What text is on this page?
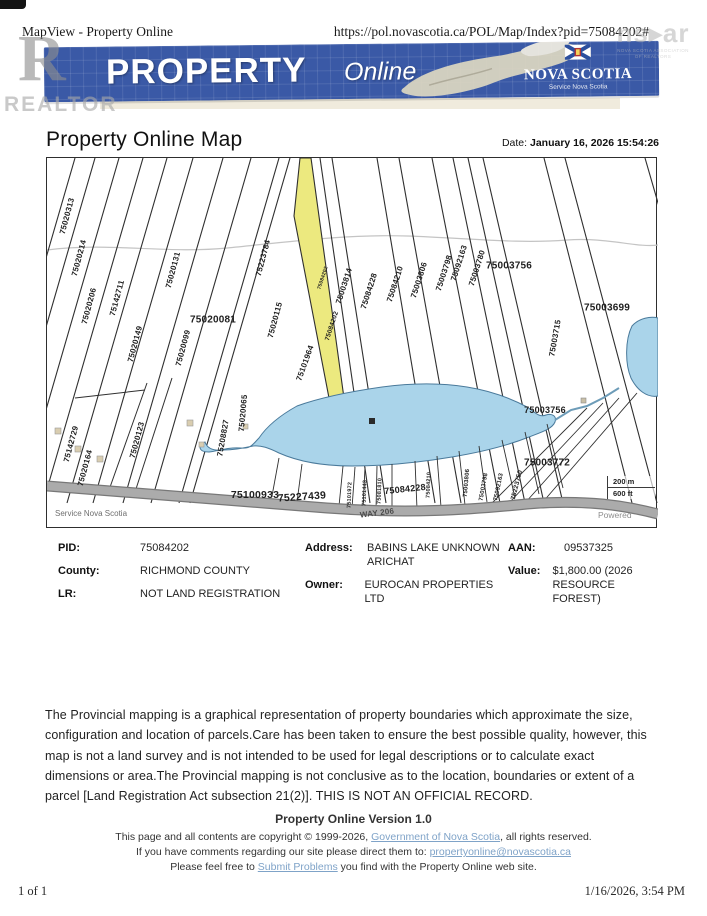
MapView - Property Online	https://pol.novascotia.ca/POL/Map/Index?pid=75084202#
R
REALTOR
ns▸ar
NOVA SCOTIA ASSOCIATION
OF REALTORS
PROPERTY Online	NOVA SCOTIA
Service Nova Scotia
Property Online Map	Date: January 16, 2026 15:54:26
75020313
75020214
75020206 75142711
75020149
75020131
75020099
75020081
75223784
75020115
75101964
75084202
75084202
75003814 75084228 75084210 75003806 75003798
75092163
75003780
75003756
75003715
75003699
75003756
75142729
75020164
75020123	75208827
75020065
75100933
75227439	75101972 75101443 75081810 75084228 75084210	75003806 75003798 75092163 75223750
75003772
WAY 206
200 m
600 ft
Service Nova Scotia	Powered
PID:	75084202
County:	RICHMOND COUNTY
LR:	NOT LAND REGISTRATION
Address:	BABINS LAKE UNKNOWN
ARICHAT
Owner:	EUROCAN PROPERTIES LTD
AAN:	09537325
Value:	$1,800.00 (2026 RESOURCE
FOREST)
The Provincial mapping is a graphical representation of property boundaries which approximate the size, configuration and location of parcels.Care has been taken to ensure the best possible quality, however, this map is not a land survey and is not intended to be used for legal descriptions or to calculate exact dimensions or area.The Provincial mapping is not conclusive as to the location, boundaries or extent of a parcel [Land Registration Act subsection 21(2)]. THIS IS NOT AN OFFICIAL RECORD.
Property Online Version 1.0
This page and all contents are copyright © 1999-2026, Government of Nova Scotia, all rights reserved.
If you have comments regarding our site please direct them to: propertyonline@novascotia.ca
Please feel free to Submit Problems you find with the Property Online web site.
1 of 1	1/16/2026, 3:54 PM
